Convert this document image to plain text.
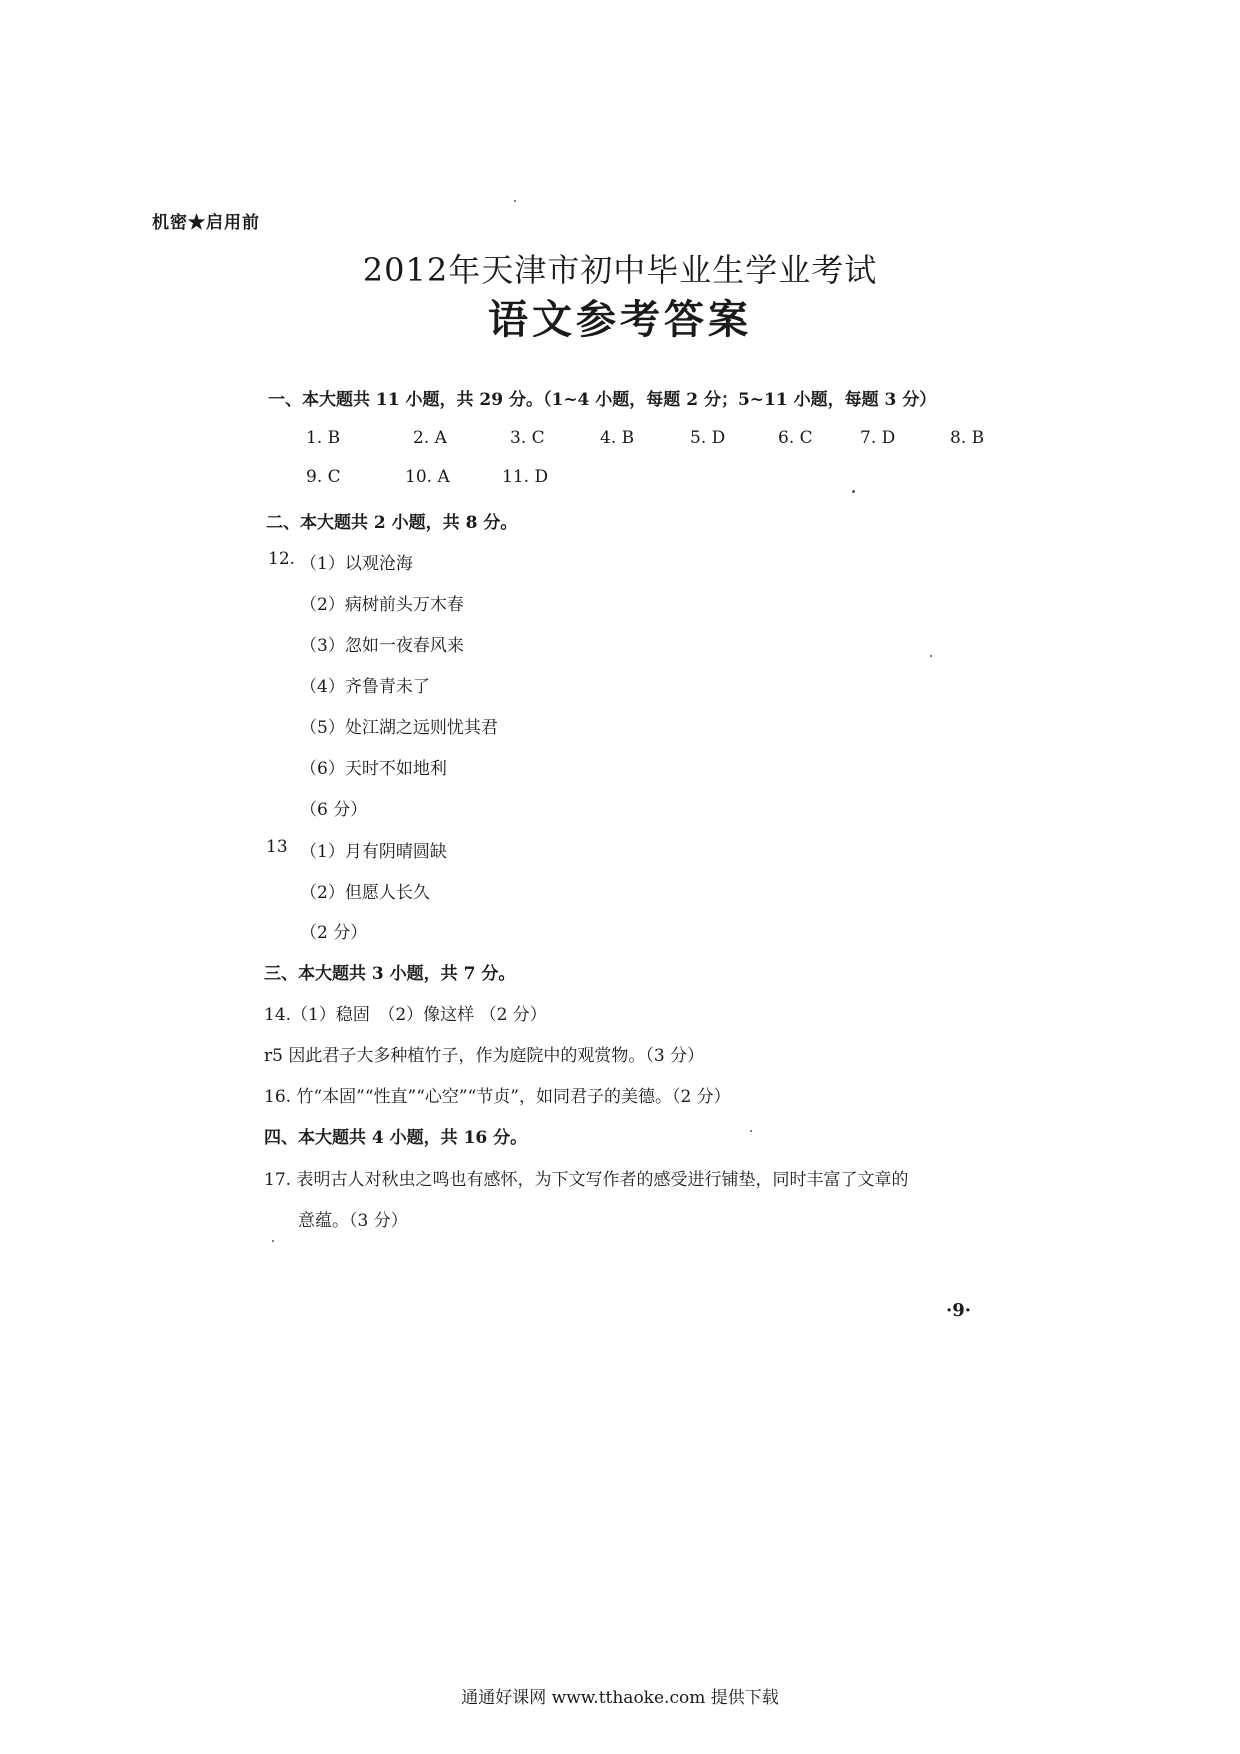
机密★启用前
2012年天津市初中毕业生学业考试
语文参考答案
一、本大题共 11 小题，共 29 分。（1~4 小题，每题 2 分；5~11 小题，每题 3 分）
1. B	2. A	3. C	4. B	5. D	6. C	7. D	8. B
9. C	10. A	11. D
二、本大题共 2 小题，共 8 分。
12. （1）以观沧海
（2）病树前头万木春
（3）忽如一夜春风来
（4）齐鲁青未了
（5）处江湖之远则忧其君
（6）天时不如地利
（6 分）
13 （1）月有阴晴圆缺
（2）但愿人长久
（2 分）
三、本大题共 3 小题，共 7 分。
14.（1）稳固　（2）像这样 （2 分）
r5 因此君子大多种植竹子，作为庭院中的观赏物。（3 分）
16. 竹“本固”“性直”“心空”“节贞”，如同君子的美德。（2 分）
四、本大题共 4 小题，共 16 分。
17. 表明古人对秋虫之鸣也有感怀，为下文写作者的感受进行铺垫，同时丰富了文章的
意蕴。（3 分）
·9·
通通好课网 www.tthaoke.com 提供下载
